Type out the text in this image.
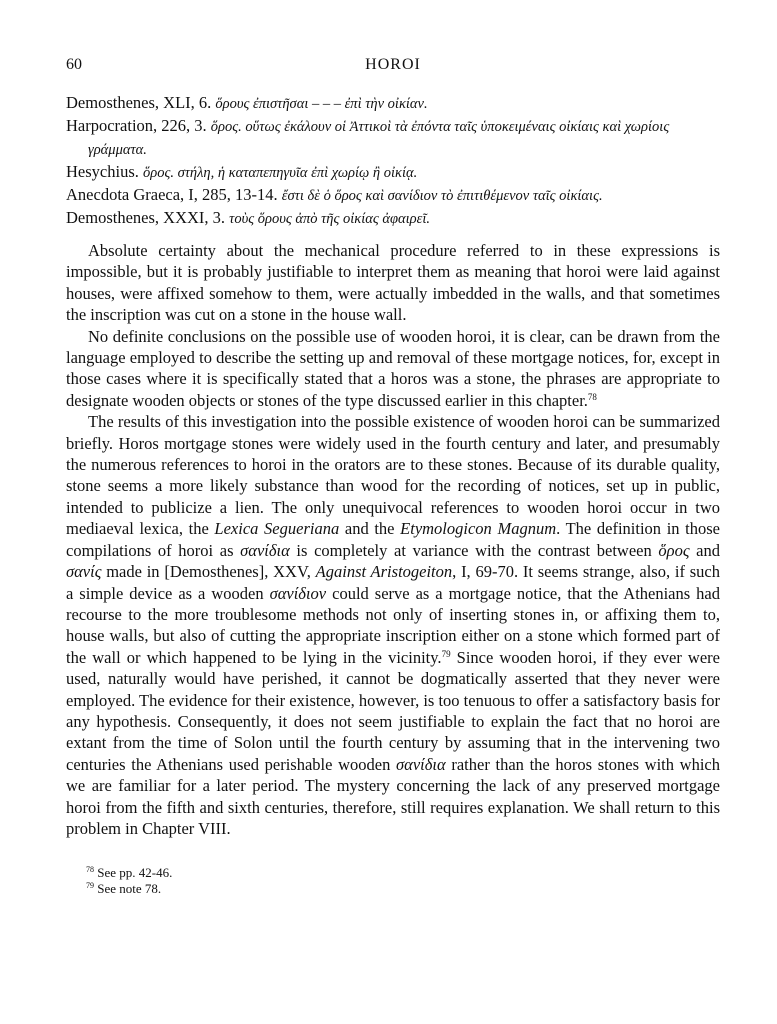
60	HOROI
Demosthenes, XLI, 6. ὅρους ἐπιστῆσαι – – – ἐπὶ τὴν οἰκίαν.
Harpocration, 226, 3. ὅρος. οὕτως ἐκάλουν οἱ Ἀττικοὶ τὰ ἐπόντα ταῖς ὑποκειμέναις οἰκίαις καὶ χωρίοις γράμματα.
Hesychius. ὅρος. στήλη, ἡ καταπεπηγυῖα ἐπὶ χωρίῳ ἢ οἰκίᾳ.
Anecdota Graeca, I, 285, 13-14. ἔστι δὲ ὁ ὅρος καὶ σανίδιον τὸ ἐπιτιθέμενον ταῖς οἰκίαις.
Demosthenes, XXXI, 3. τοὺς ὅρους ἀπὸ τῆς οἰκίας ἀφαιρεῖ.

Absolute certainty about the mechanical procedure referred to in these expressions is impossible, but it is probably justifiable to interpret them as meaning that horoi were laid against houses, were affixed somehow to them, were actually imbedded in the walls, and that sometimes the inscription was cut on a stone in the house wall.

No definite conclusions on the possible use of wooden horoi, it is clear, can be drawn from the language employed to describe the setting up and removal of these mortgage notices, for, except in those cases where it is specifically stated that a horos was a stone, the phrases are appropriate to designate wooden objects or stones of the type discussed earlier in this chapter.$^{78}$

The results of this investigation into the possible existence of wooden horoi can be summarized briefly. Horos mortgage stones were widely used in the fourth century and later, and presumably the numerous references to horoi in the orators are to these stones. Because of its durable quality, stone seems a more likely substance than wood for the recording of notices, set up in public, intended to publicize a lien. The only unequivocal references to wooden horoi occur in two mediaeval lexica, the Lexica Segueriana and the Etymologicon Magnum. The definition in those compilations of horoi as σανίδια is completely at variance with the contrast between ὅρος and σανίς made in [Demosthenes], XXV, Against Aristogeiton, I, 69-70. It seems strange, also, if such a simple device as a wooden σανίδιον could serve as a mortgage notice, that the Athenians had recourse to the more troublesome methods not only of inserting stones in, or affixing them to, house walls, but also of cutting the appropriate inscription either on a stone which formed part of the wall or which happened to be lying in the vicinity.$^{79}$ Since wooden horoi, if they ever were used, naturally would have perished, it cannot be dogmatically asserted that they never were employed. The evidence for their existence, however, is too tenuous to offer a satisfactory basis for any hypothesis. Consequently, it does not seem justifiable to explain the fact that no horoi are extant from the time of Solon until the fourth century by assuming that in the intervening two centuries the Athenians used perishable wooden σανίδια rather than the horos stones with which we are familiar for a later period. The mystery concerning the lack of any preserved mortgage horoi from the fifth and sixth centuries, therefore, still requires explanation. We shall return to this problem in Chapter VIII.

$^{78}$ See pp. 42-46.
$^{79}$ See note 78.
